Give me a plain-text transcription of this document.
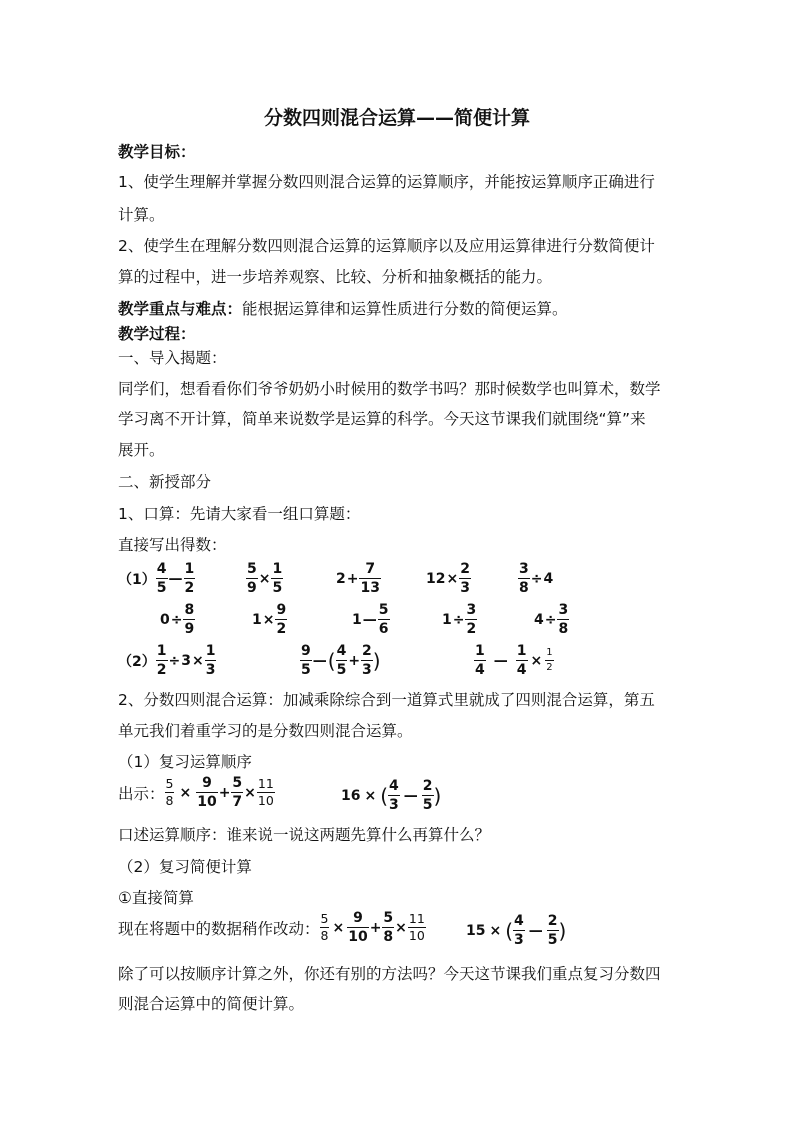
分数四则混合运算——简便计算
教学目标：
1、使学生理解并掌握分数四则混合运算的运算顺序，并能按运算顺序正确进行
计算。
2、使学生在理解分数四则混合运算的运算顺序以及应用运算律进行分数简便计
算的过程中，进一步培养观察、比较、分析和抽象概括的能力。
教学重点与难点：能根据运算律和运算性质进行分数的简便运算。
教学过程：
一、导入揭题：
同学们，想看看你们爷爷奶奶小时候用的数学书吗？那时候数学也叫算术，数学
学习离不开计算，简单来说数学是运算的科学。今天这节课我们就围绕“算”来
展开。
二、新授部分
1、口算：先请大家看一组口算题：
直接写出得数：
$(1) \frac{4}{5}$ — $\frac{1}{2}$	$\frac{5}{9} \times \frac{1}{5}$	$2 + \frac{7}{13}$	$12 \times \frac{2}{3}$	$\frac{3}{8} \div 4$
$0 \div \frac{8}{9}$	$1 \times \frac{9}{2}$	1 — $\frac{5}{6}$	$1 \div \frac{3}{2}$	$4 \div \frac{3}{8}$
$(2) \frac{1}{2} \div 3 \times \frac{1}{3}$	$\frac{9}{5}$ — ( $\frac{4}{5} + \frac{2}{3}$ )	$\frac{1}{4}$ — $\frac{1}{4} \times \frac{1}{2}$
2、分数四则混合运算：加减乘除综合到一道算式里就成了四则混合运算，第五
单元我们着重学习的是分数四则混合运算。
（1）复习运算顺序
出示： $\frac{5}{8} \times \frac{9}{10} + \frac{5}{7} \times \frac{11}{10}$	16 × ( $\frac{4}{3}$ — $\frac{2}{5}$ )
口述运算顺序：谁来说一说这两题先算什么再算什么？
（2）复习简便计算
①直接简算
现在将题中的数据稍作改动： $\frac{5}{8} \times \frac{9}{10} + \frac{5}{8} \times \frac{11}{10}$	15 × ( $\frac{4}{3}$ — $\frac{2}{5}$ )
除了可以按顺序计算之外，你还有别的方法吗？今天这节课我们重点复习分数四
则混合运算中的简便计算。
